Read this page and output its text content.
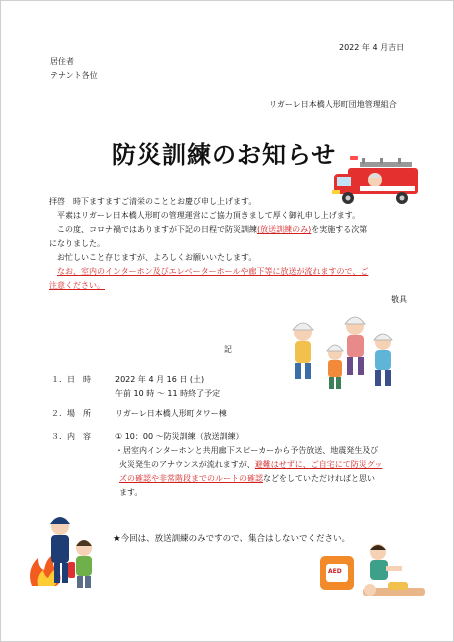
2022 年 4 月吉日
居住者
テナント各位
リガーレ日本橋人形町団地管理組合
防災訓練のお知らせ
拝啓　時下ますますご清栄のこととお慶び申し上げます。
平素はリガーレ日本橋人形町の管理運営にご協力頂きまして厚く御礼申し上げます。
この度、コロナ禍ではありますが下記の日程で防災訓練(放送訓練のみ)を実施する次第
になりました。
お忙しいこと存じますが、よろしくお願いいたします。
なお、室内のインターホン及びエレベーターホールや廊下等に放送が流れますので、ご
注意ください。
敬具
記
１．日　時	2022 年 4 月 16 日 (土)
午前 10 時 ～ 11 時終了予定
２．場　所	リガーレ日本橋人形町タワー棟
３．内　容	① 10：00 ～防災訓練（放送訓練）
・居室内インターホンと共用廊下スピーカーから予告放送、地震発生及び
火災発生のアナウンスが流れますが、避難はせずに、ご自宅にて防災グッ
ズの確認や非常階段までのルートの確認などをしていただければと思い
ます。
★今回は、放送訓練のみですので、集合はしないでください。
AED
